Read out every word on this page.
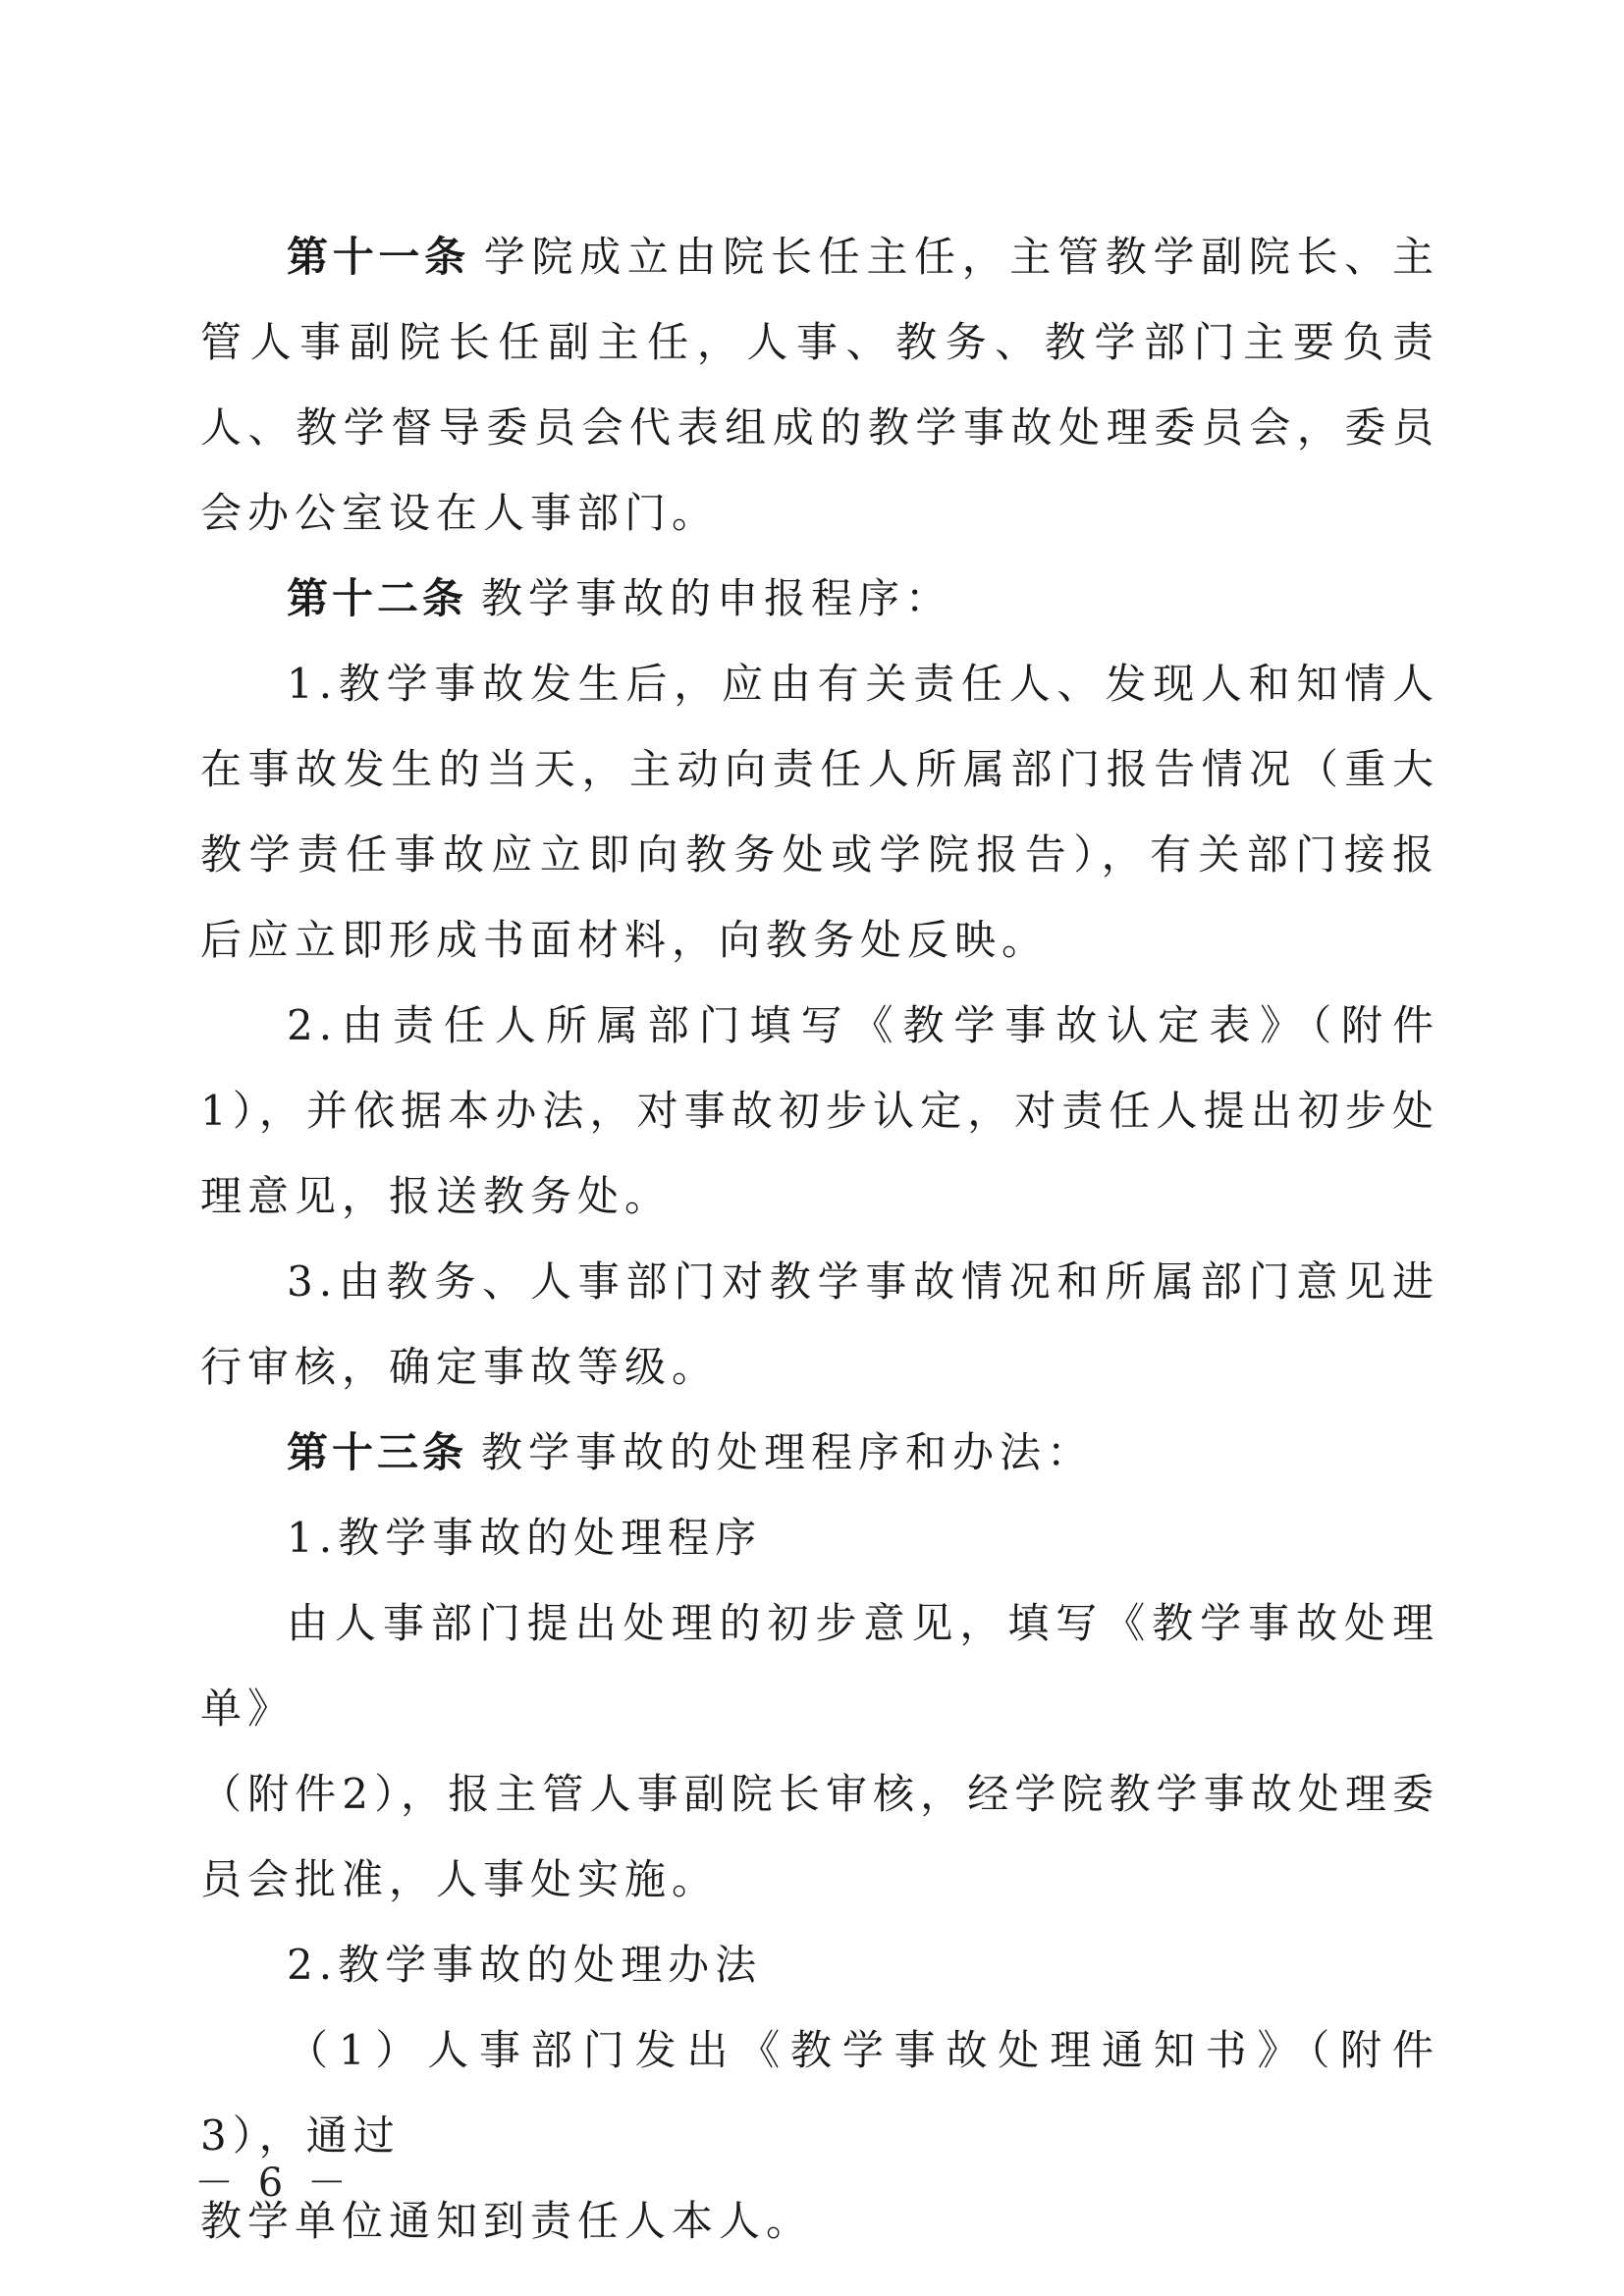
第十一条 学院成立由院长任主任，主管教学副院长、主管人事副院长任副主任，人事、教务、教学部门主要负责人、教学督导委员会代表组成的教学事故处理委员会，委员会办公室设在人事部门。

第十二条 教学事故的申报程序：

1.教学事故发生后，应由有关责任人、发现人和知情人在事故发生的当天，主动向责任人所属部门报告情况（重大教学责任事故应立即向教务处或学院报告），有关部门接报后应立即形成书面材料，向教务处反映。

2.由责任人所属部门填写《教学事故认定表》（附件1），并依据本办法，对事故初步认定，对责任人提出初步处理意见，报送教务处。

3.由教务、人事部门对教学事故情况和所属部门意见进行审核，确定事故等级。

第十三条 教学事故的处理程序和办法：

1.教学事故的处理程序

由人事部门提出处理的初步意见，填写《教学事故处理单》

（附件2），报主管人事副院长审核，经学院教学事故处理委员会批准，人事处实施。

2.教学事故的处理办法

（1）人事部门发出《教学事故处理通知书》（附件3），通过

教学单位通知到责任人本人。

－ 6 －
